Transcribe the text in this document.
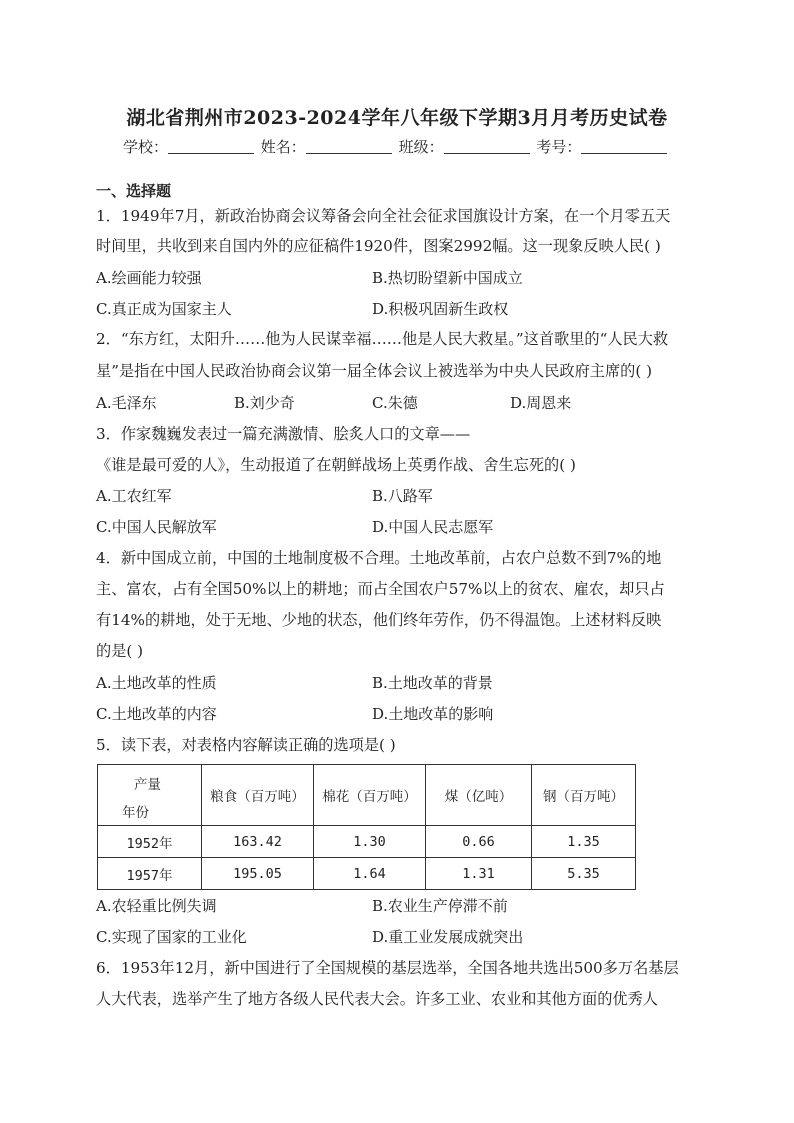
湖北省荆州市2023-2024学年八年级下学期3月月考历史试卷
学校：	姓名：	班级：	考号：
一、选择题
1．1949年7月，新政治协商会议筹备会向全社会征求国旗设计方案，在一个月零五天
时间里，共收到来自国内外的应征稿件1920件，图案2992幅。这一现象反映人民( )
A.绘画能力较强	B.热切盼望新中国成立
C.真正成为国家主人	D.积极巩固新生政权
2．“东方红，太阳升……他为人民谋幸福……他是人民大救星。”这首歌里的“人民大救
星”是指在中国人民政治协商会议第一届全体会议上被选举为中央人民政府主席的( )
A.毛泽东	B.刘少奇	C.朱德	D.周恩来
3．作家魏巍发表过一篇充满激情、脍炙人口的文章——
《谁是最可爱的人》，生动报道了在朝鲜战场上英勇作战、舍生忘死的( )
A.工农红军	B.八路军
C.中国人民解放军	D.中国人民志愿军
4．新中国成立前，中国的土地制度极不合理。土地改革前，占农户总数不到7%的地
主、富农，占有全国50%以上的耕地；而占全国农户57%以上的贫农、雇农，却只占
有14%的耕地，处于无地、少地的状态，他们终年劳作，仍不得温饱。上述材料反映
的是( )
A.土地改革的性质	B.土地改革的背景
C.土地改革的内容	D.土地改革的影响
5．读下表，对表格内容解读正确的选项是( )
产量
年份	粮食（百万吨）	棉花（百万吨）	煤（亿吨）	钢（百万吨）
1952年	163.42	1.30	0.66	1.35
1957年	195.05	1.64	1.31	5.35
A.农轻重比例失调	B.农业生产停滞不前
C.实现了国家的工业化	D.重工业发展成就突出
6．1953年12月，新中国进行了全国规模的基层选举，全国各地共选出500多万名基层
人大代表，选举产生了地方各级人民代表大会。许多工业、农业和其他方面的优秀人
